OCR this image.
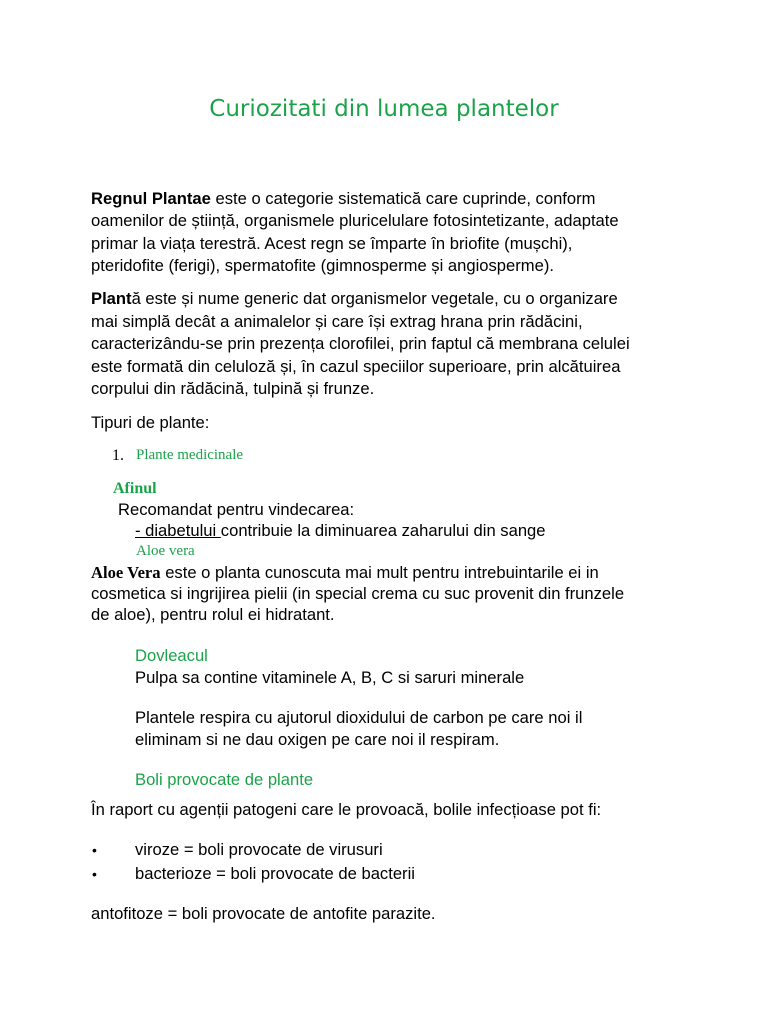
Curiozitati din lumea plantelor
Regnul Plantae este o categorie sistematică care cuprinde, conform
oamenilor de știință, organismele pluricelulare fotosintetizante, adaptate
primar la viața terestră. Acest regn se împarte în briofite (mușchi),
pteridofite (ferigi), spermatofite (gimnosperme și angiosperme).
Plantă este și nume generic dat organismelor vegetale, cu o organizare
mai simplă decât a animalelor și care își extrag hrana prin rădăcini,
caracterizându-se prin prezența clorofilei, prin faptul că membrana celulei
este formată din celuloză și, în cazul speciilor superioare, prin alcătuirea
corpului din rădăcină, tulpină și frunze.
Tipuri de plante:
1. Plante medicinale
Afinul
Recomandat pentru vindecarea:
- diabetului contribuie la diminuarea zaharului din sange
Aloe vera
Aloe Vera este o planta cunoscuta mai mult pentru intrebuintarile ei in
cosmetica si ingrijirea pielii (in special crema cu suc provenit din frunzele
de aloe), pentru rolul ei hidratant.
Dovleacul
Pulpa sa contine vitaminele A, B, C si saruri minerale
Plantele respira cu ajutorul dioxidului de carbon pe care noi il
eliminam si ne dau oxigen pe care noi il respiram.
Boli provocate de plante
În raport cu agenții patogeni care le provoacă, bolile infecțioase pot fi:
• viroze = boli provocate de virusuri
• bacterioze = boli provocate de bacterii
antofitoze = boli provocate de antofite parazite.
